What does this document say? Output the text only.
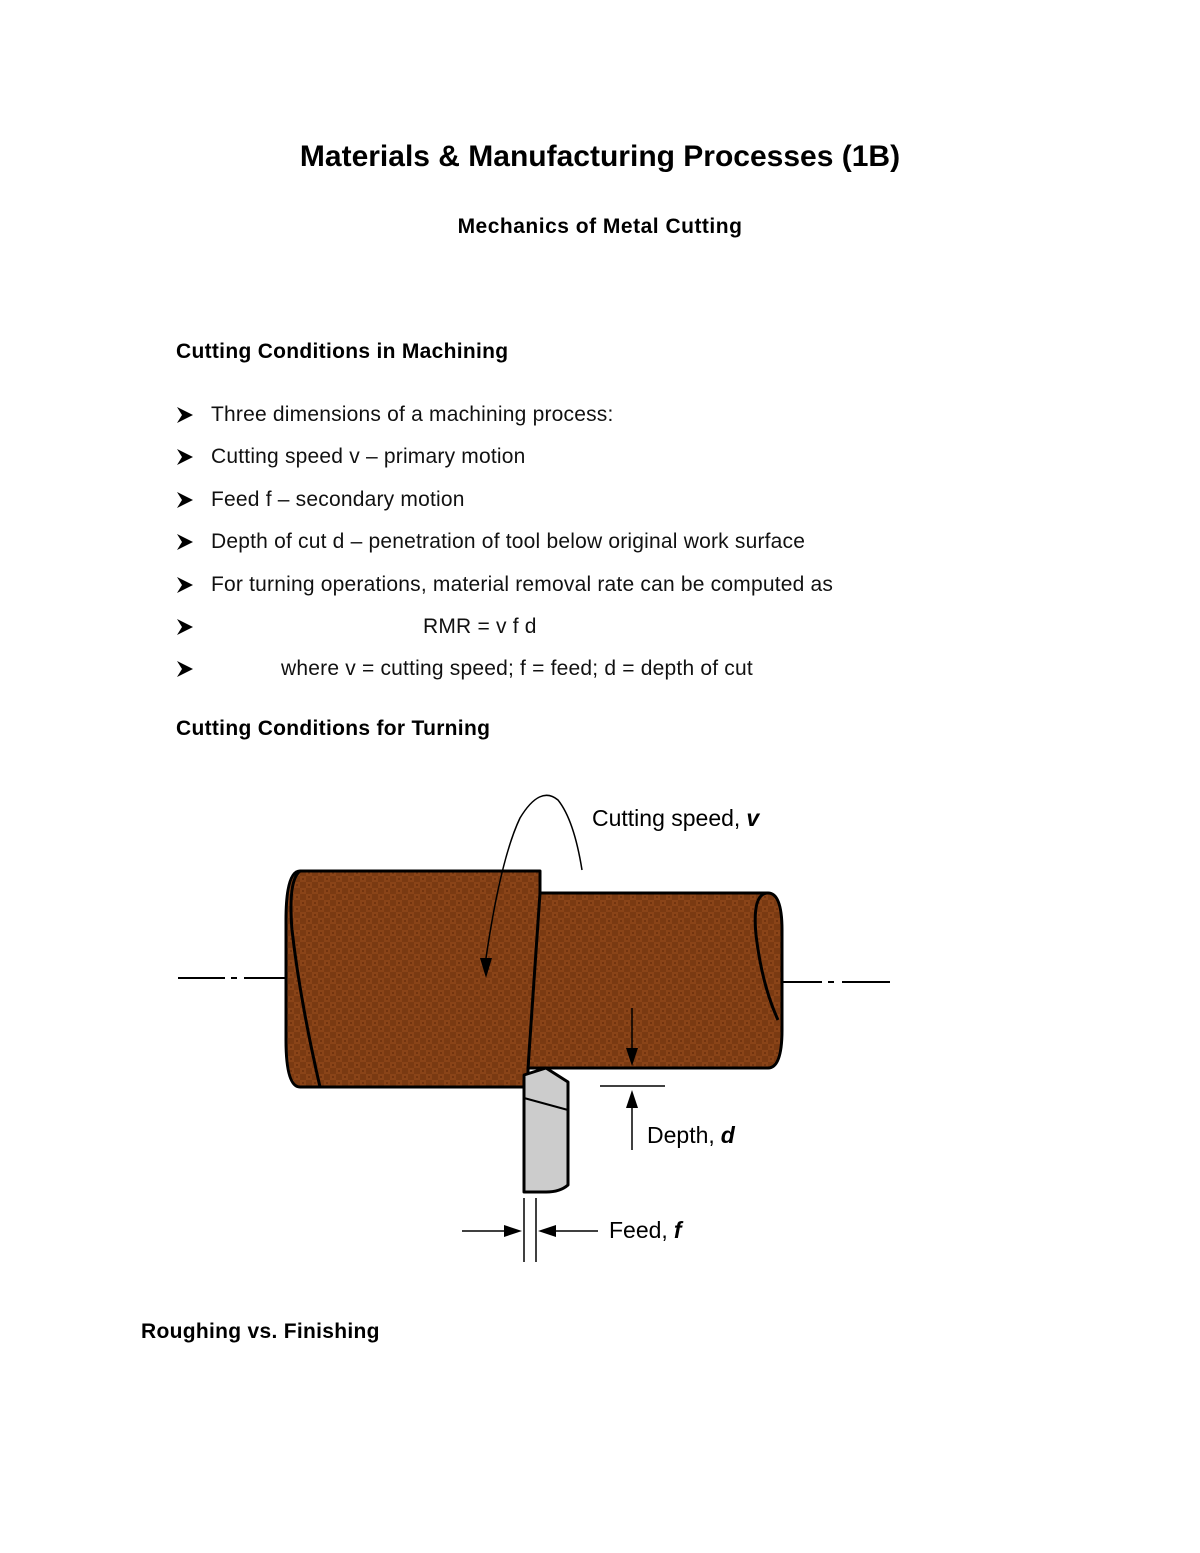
Materials & Manufacturing Processes (1B)
Mechanics of Metal Cutting
Cutting Conditions in Machining
Three dimensions of a machining process:
Cutting speed v – primary motion
Feed f – secondary motion
Depth of cut d – penetration of tool below original work surface
For turning operations, material removal rate can be computed as
RMR = v f d
where v = cutting speed; f = feed; d = depth of cut
Cutting Conditions for Turning
Cutting speed, v
Depth, d
Feed, f
Roughing vs. Finishing
